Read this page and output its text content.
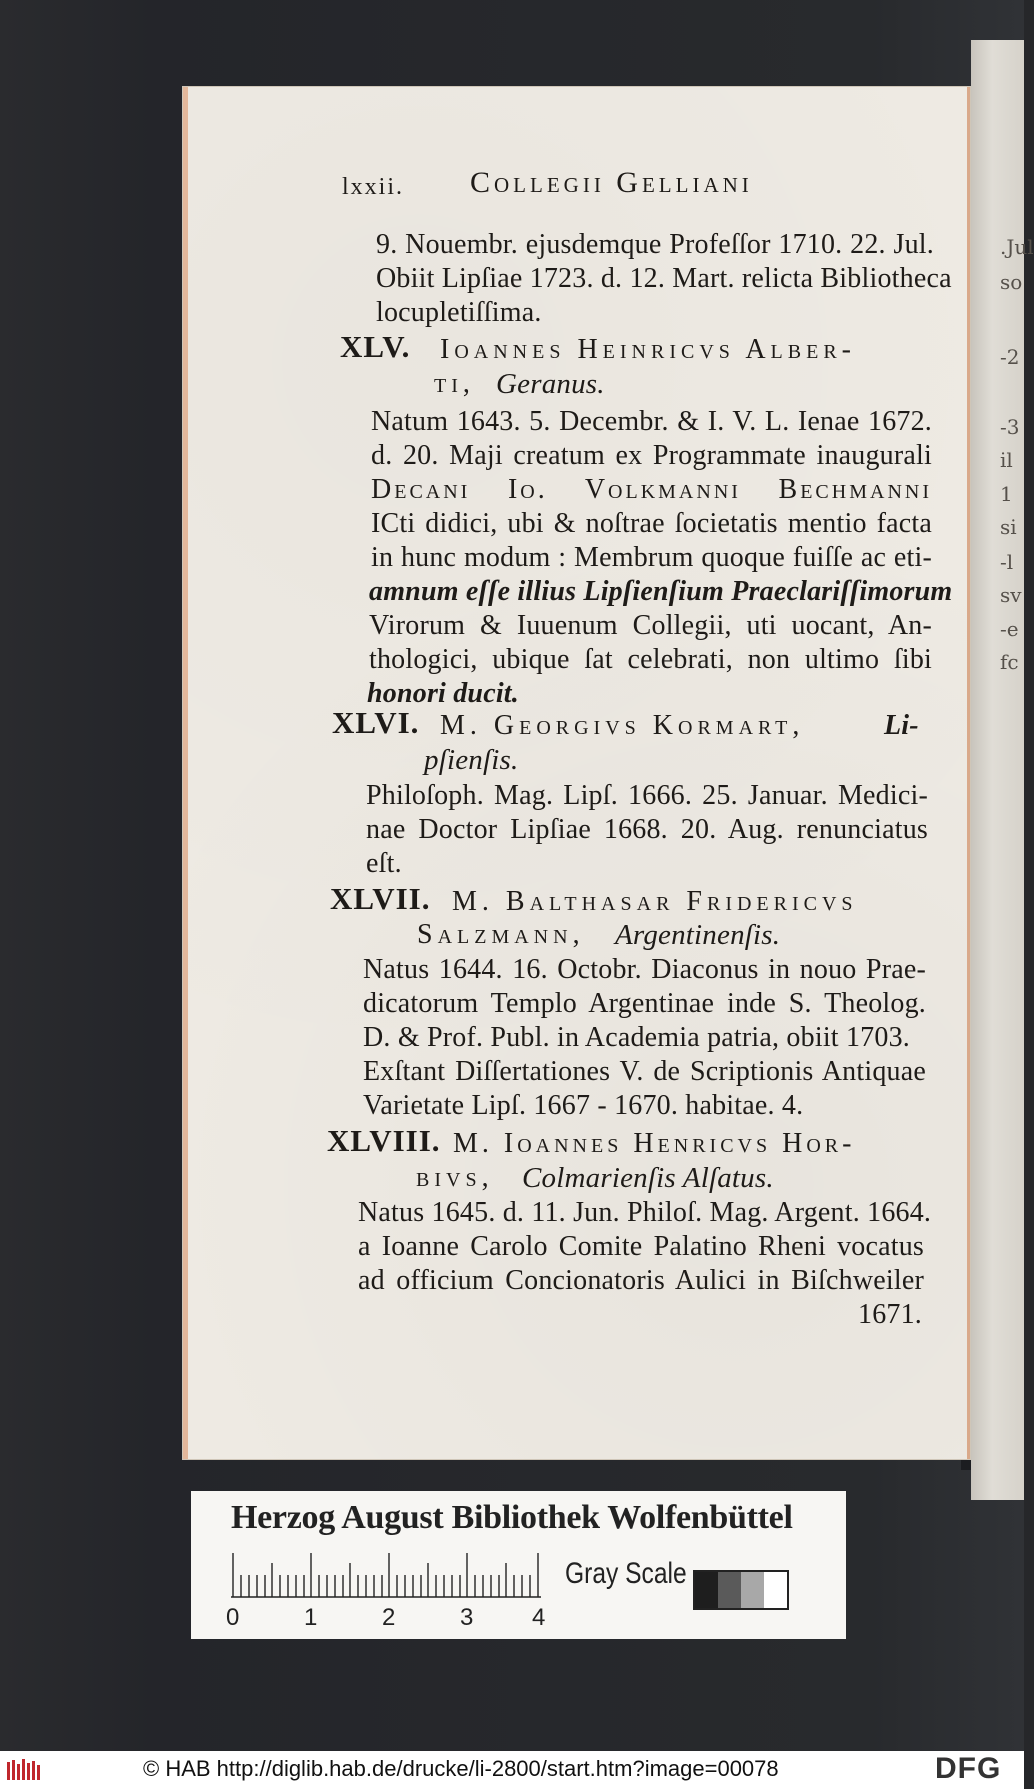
.Jul
so
-2
-3
il
1
si
-l
sv
-e
fc
lxxii. Collegii Gelliani
9. Nouembr. ejusdemque Profeſſor 1710. 22. Jul.
Obiit Lipſiae 1723. d. 12. Mart. relicta Bibliotheca
locupletiſſima.
XLV. Ioannes Heinricvs Alber-
ti, Geranus.
Natum 1643. 5. Decembr. & I. V. L. Ienae 1672.
d. 20. Maji creatum ex Programmate inaugurali
Decani Io. Volkmanni Bechmanni
ICti didici, ubi & noſtrae ſocietatis mentio facta
in hunc modum : Membrum quoque fuiſſe ac eti-
amnum eſſe illius Lipſienſium Praeclariſſimorum
Virorum & Iuuenum Collegii, uti uocant, An-
thologici, ubique ſat celebrati, non ultimo ſibi
honori ducit.
XLVI. M. Georgivs Kormart,	Li-
pſienſis.
Philoſoph. Mag. Lipſ. 1666. 25. Januar. Medici-
nae Doctor Lipſiae 1668. 20. Aug. renunciatus
eſt.
XLVII. M. Balthasar Fridericvs
Salzmann, Argentinenſis.
Natus 1644. 16. Octobr. Diaconus in nouo Prae-
dicatorum Templo Argentinae inde S. Theolog.
D. & Prof. Publ. in Academia patria, obiit 1703.
Exſtant Diſſertationes V. de Scriptionis Antiquae
Varietate Lipſ. 1667 - 1670. habitae. 4.
XLVIII. M. Ioannes Henricvs Hor-
bivs, Colmarienſis Alſatus.
Natus 1645. d. 11. Jun. Philoſ. Mag. Argent. 1664.
a Ioanne Carolo Comite Palatino Rheni vocatus
ad officium Concionatoris Aulici in Biſchweiler
1671.
Herzog August Bibliothek Wolfenbüttel
0	1	2	3 4
Gray Scale
© HAB http://diglib.hab.de/drucke/li-2800/start.htm?image=00078	DFG
